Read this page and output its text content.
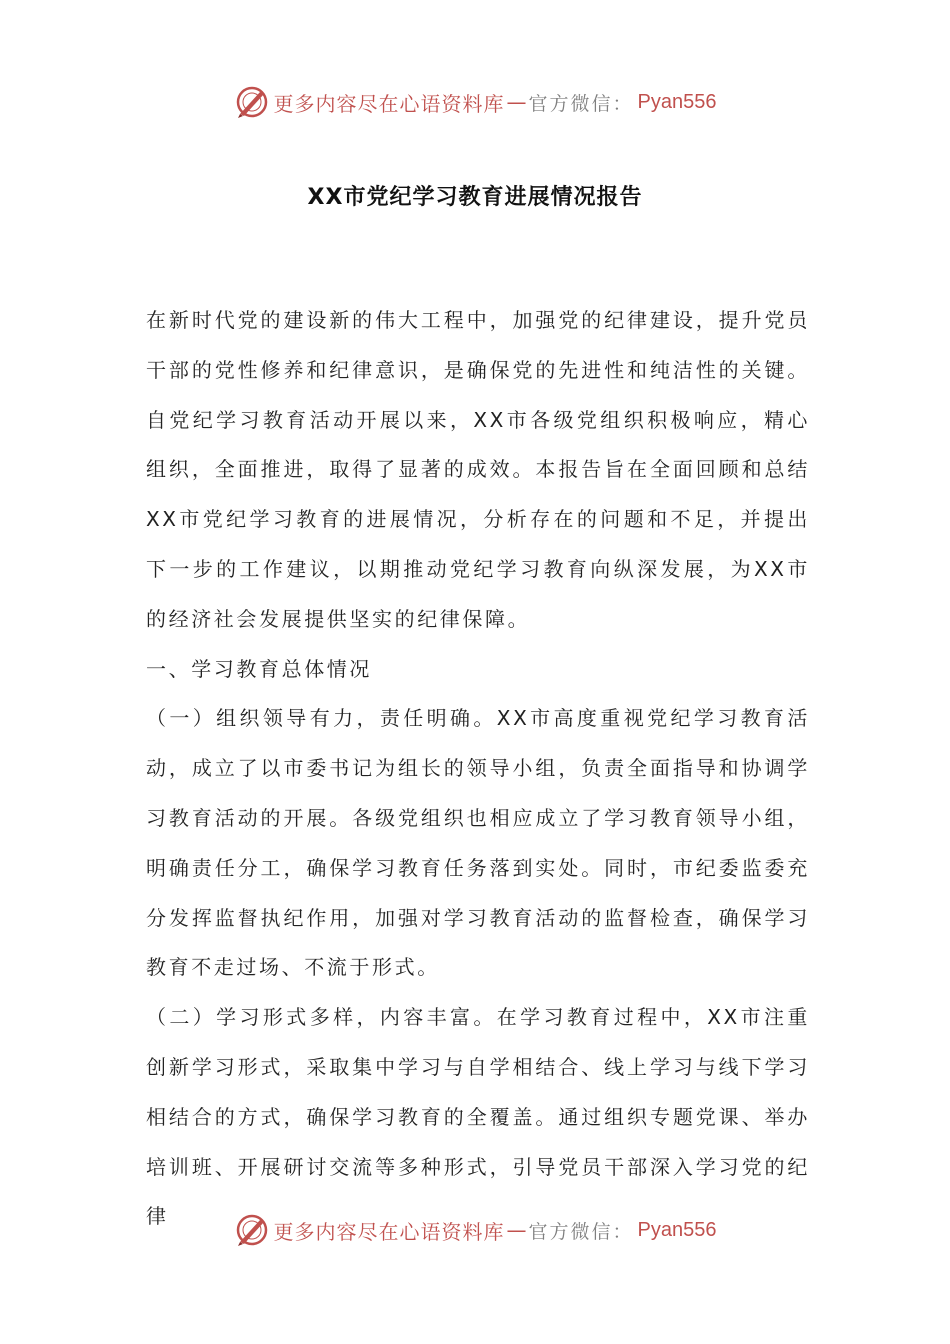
更多内容尽在心语资料库 — 官方微信： Pyan556
XX市党纪学习教育进展情况报告

在新时代党的建设新的伟大工程中，加强党的纪律建设，提升党员干部的党性修养和纪律意识，是确保党的先进性和纯洁性的关键。自党纪学习教育活动开展以来，XX市各级党组织积极响应，精心组织，全面推进，取得了显著的成效。本报告旨在全面回顾和总结XX市党纪学习教育的进展情况，分析存在的问题和不足，并提出下一步的工作建议，以期推动党纪学习教育向纵深发展，为XX市的经济社会发展提供坚实的纪律保障。

一、学习教育总体情况

（一）组织领导有力，责任明确。XX市高度重视党纪学习教育活动，成立了以市委书记为组长的领导小组，负责全面指导和协调学习教育活动的开展。各级党组织也相应成立了学习教育领导小组，明确责任分工，确保学习教育任务落到实处。同时，市纪委监委充分发挥监督执纪作用，加强对学习教育活动的监督检查，确保学习教育不走过场、不流于形式。

（二）学习形式多样，内容丰富。在学习教育过程中，XX市注重创新学习形式，采取集中学习与自学相结合、线上学习与线下学习相结合的方式，确保学习教育的全覆盖。通过组织专题党课、举办培训班、开展研讨交流等多种形式，引导党员干部深入学习党的纪律

更多内容尽在心语资料库 — 官方微信： Pyan556
